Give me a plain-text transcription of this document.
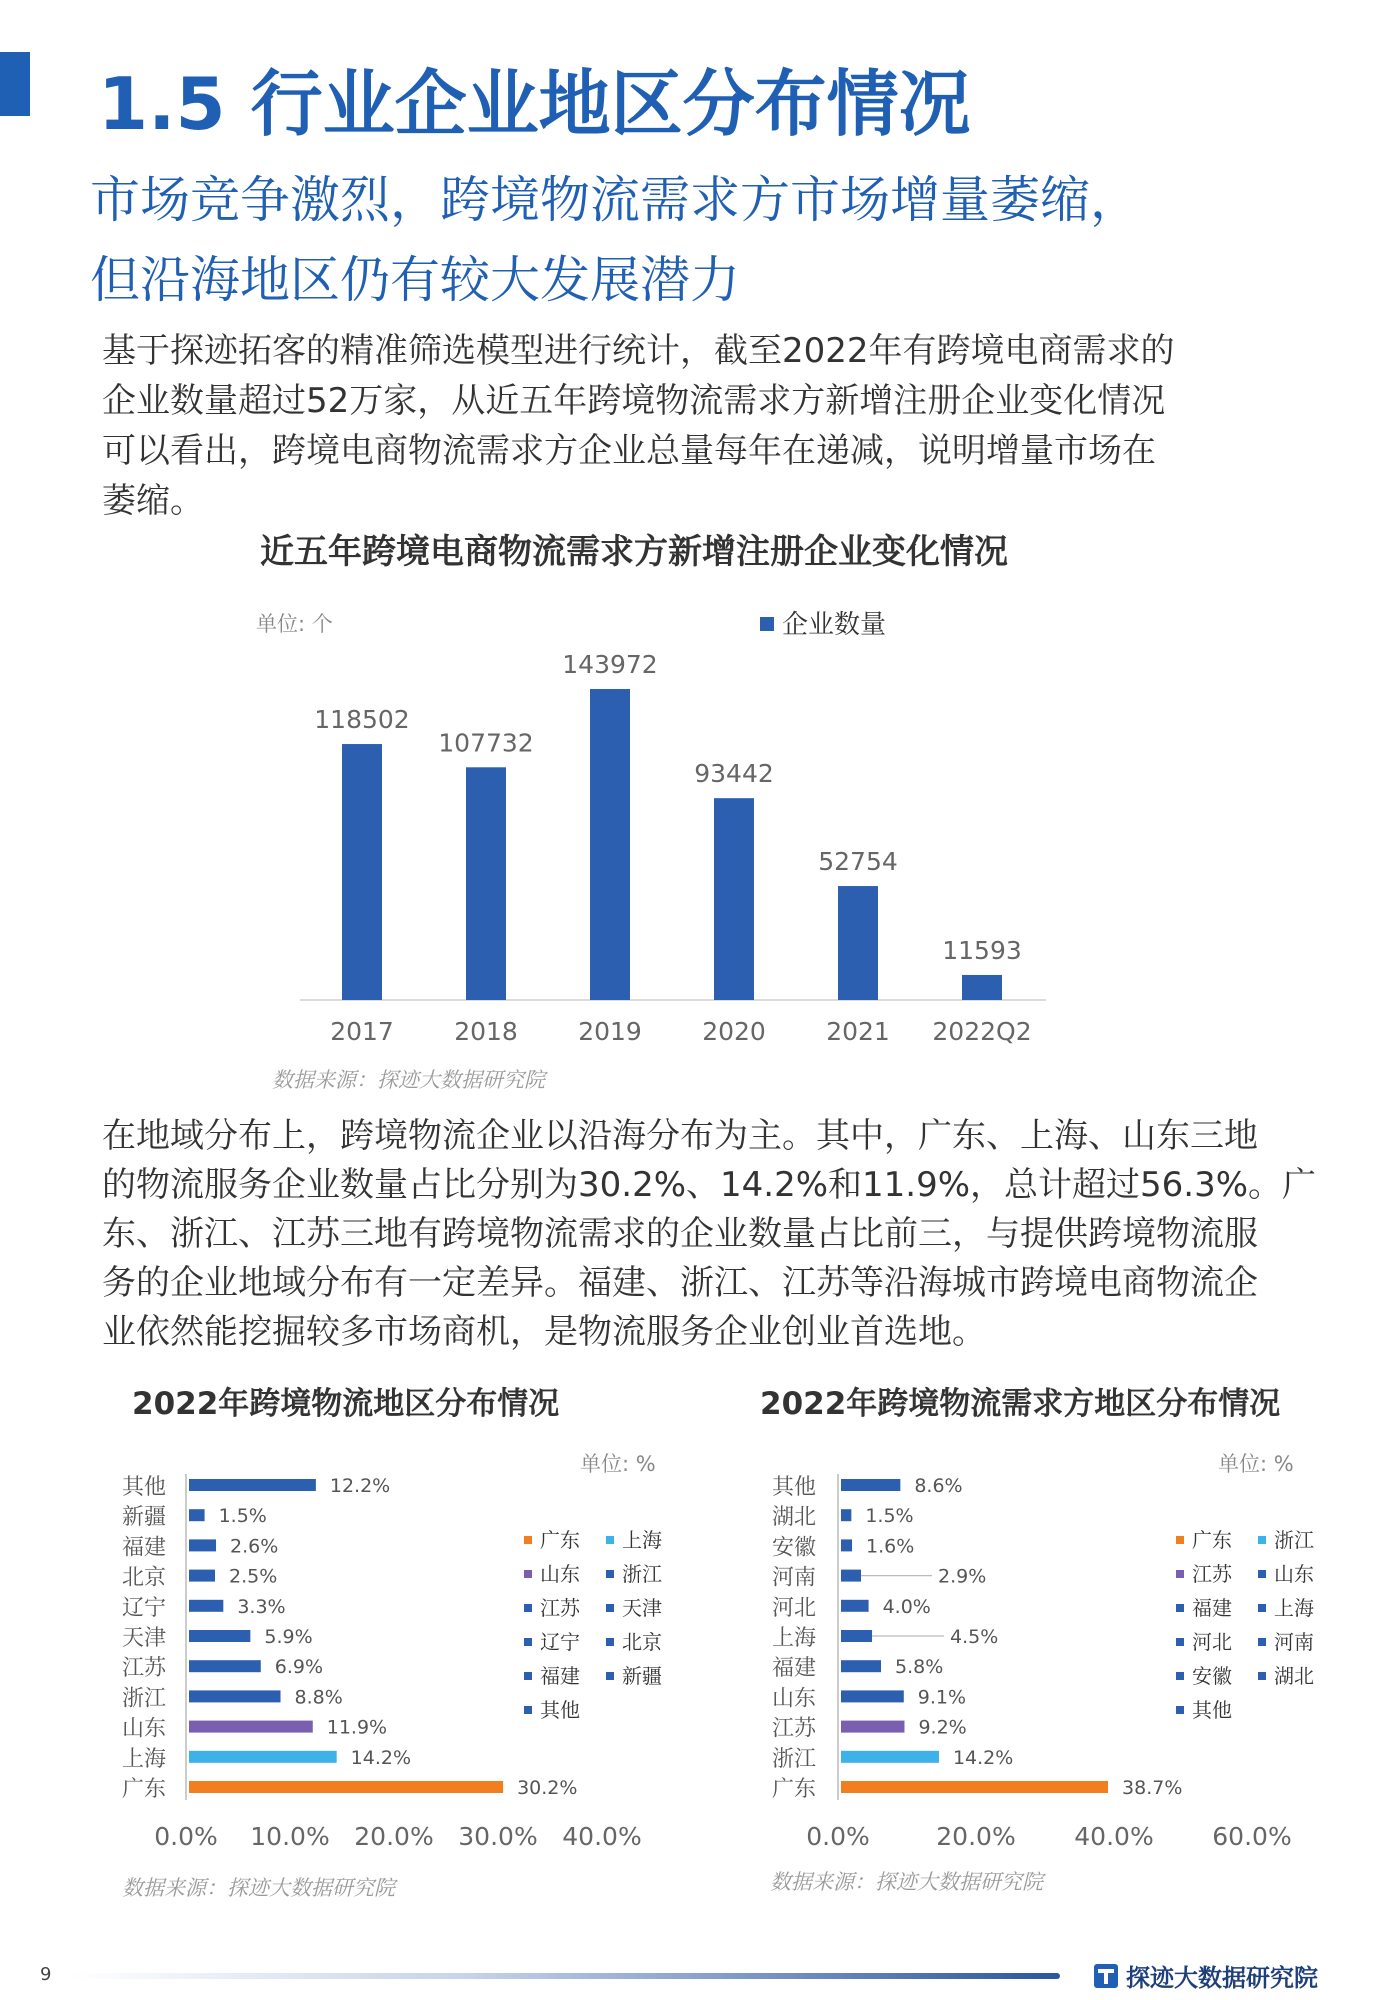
1.5 行业企业地区分布情况
市场竞争激烈，跨境物流需求方市场增量萎缩，
但沿海地区仍有较大发展潜力
基于探迹拓客的精准筛选模型进行统计，截至2022年有跨境电商需求的
企业数量超过52万家，从近五年跨境物流需求方新增注册企业变化情况
可以看出，跨境电商物流需求方企业总量每年在递减，说明增量市场在
萎缩。
近五年跨境电商物流需求方新增注册企业变化情况
单位: 个	企业数量
118502
2017
107732
2018
143972
2019
93442
2020
52754
2021
11593
2022Q2
其他	12.2%
新疆	1.5%
福建	2.6%
北京	2.5%
辽宁	3.3%
天津	5.9%
江苏	6.9%
浙江	8.8%
山东	11.9%
上海	14.2%
广东	30.2%
0.0% 10.0% 20.0% 30.0% 40.0%
其他	8.6%
湖北	1.5%
安徽	1.6%
河南	2.9%
河北	4.0%
上海	4.5%
福建	5.8%
山东	9.1%
江苏	9.2%
浙江	14.2%
广东	38.7%
0.0%	20.0% 40.0% 60.0%
数据来源：探迹大数据研究院
在地域分布上，跨境物流企业以沿海分布为主。其中，广东、上海、山东三地
的物流服务企业数量占比分别为30.2%、14.2%和11.9%，总计超过56.3%。广
东、浙江、江苏三地有跨境物流需求的企业数量占比前三，与提供跨境物流服
务的企业地域分布有一定差异。福建、浙江、江苏等沿海城市跨境电商物流企
业依然能挖掘较多市场商机，是物流服务企业创业首选地。
2022年跨境物流地区分布情况
单位: %
广东	上海
山东	浙江
江苏	天津
辽宁	北京
福建	新疆
其他
数据来源：探迹大数据研究院
2022年跨境物流需求方地区分布情况
单位: %
广东	浙江
江苏	山东
福建	上海
河北	河南
安徽	湖北
其他
数据来源：探迹大数据研究院
9	探迹大数据研究院
